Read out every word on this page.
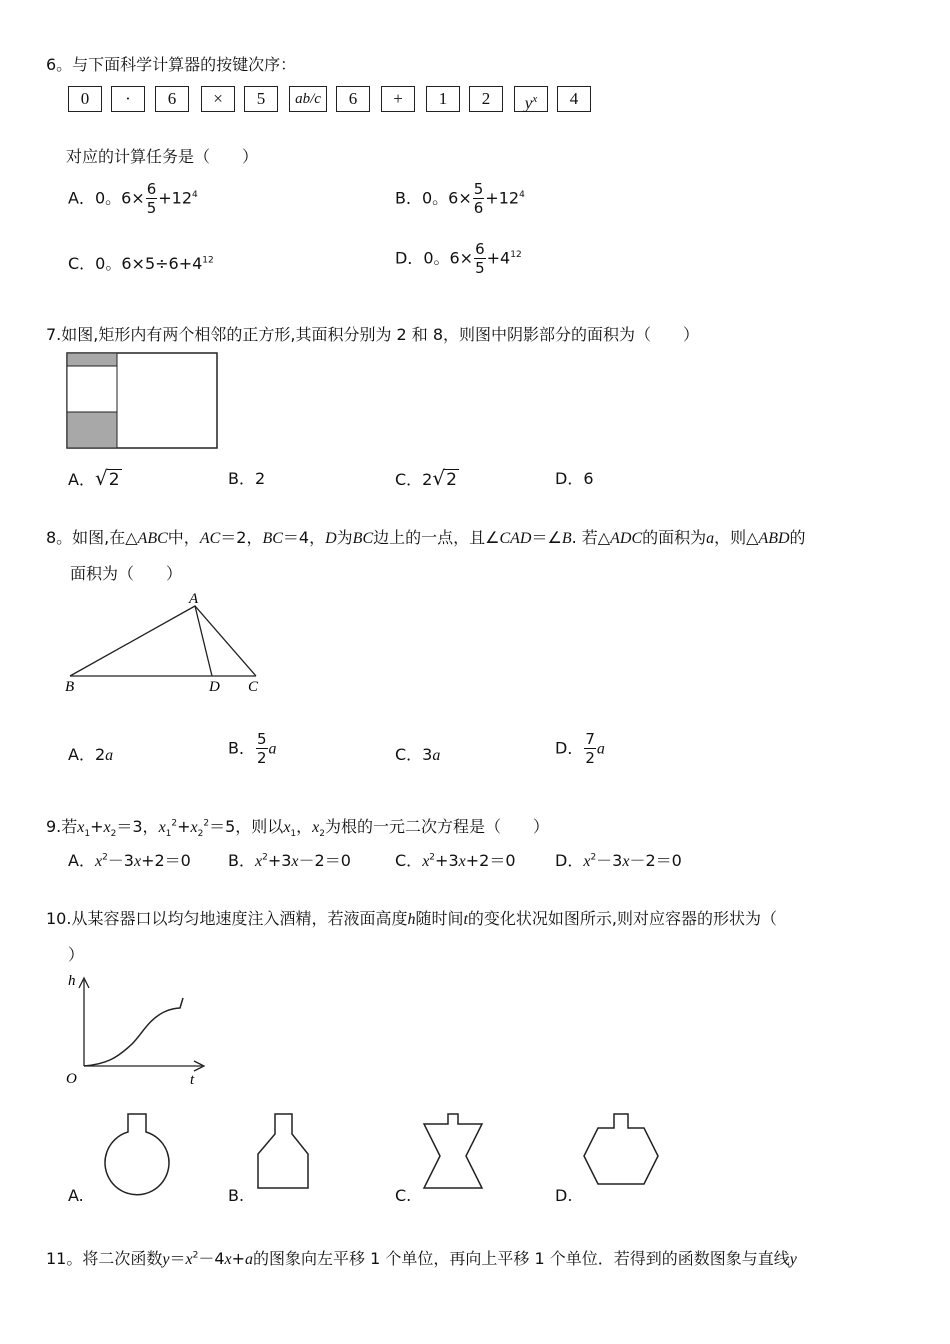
6。与下面科学计算器的按键次序：
0	·	6	×	5	ab/c	6	+	1	2	$y^x$	4
对应的计算任务是（　　）
A．0。$6\times \frac{6}{5} +12^4$	B．0。$6\times \frac{5}{6} +12^4$
C．0。$6\times 5\div 6+4^{12}$	D．0。$6\times \frac{6}{5} +4^{12}$
7.如图,矩形内有两个相邻的正方形,其面积分别为 2 和 8，则图中阴影部分的面积为（　　）
A．√2	B．2	C．2√2	D．6
8。如图,在△ABC中，AC＝2，BC＝4，D为BC边上的一点，且∠CAD＝∠B. 若△ADC的面积为a，则△ABD的
面积为（　　）
A
B	D C
A．2a	B． $\frac{5}{2}$ a	C．3a	D． $\frac{7}{2}$ a
9.若$x_1+x_2=3$，$x_1^2+x_2^2=5$，则以$x_1$，$x_2$为根的一元二次方程是（　　）
A．$x^2-3x+2=0$ B．$x^2+3x-2=0$	C．$x^2+3x+2=0$ D．$x^2-3x-2=0$
10.从某容器口以均匀地速度注入酒精，若液面高度h随时间t的变化状况如图所示,则对应容器的形状为（
）
h
O	t
A.	B.	C.	D.
11。将二次函数$y=x^2-4x+a$的图象向左平移 1 个单位，再向上平移 1 个单位．若得到的函数图象与直线y
